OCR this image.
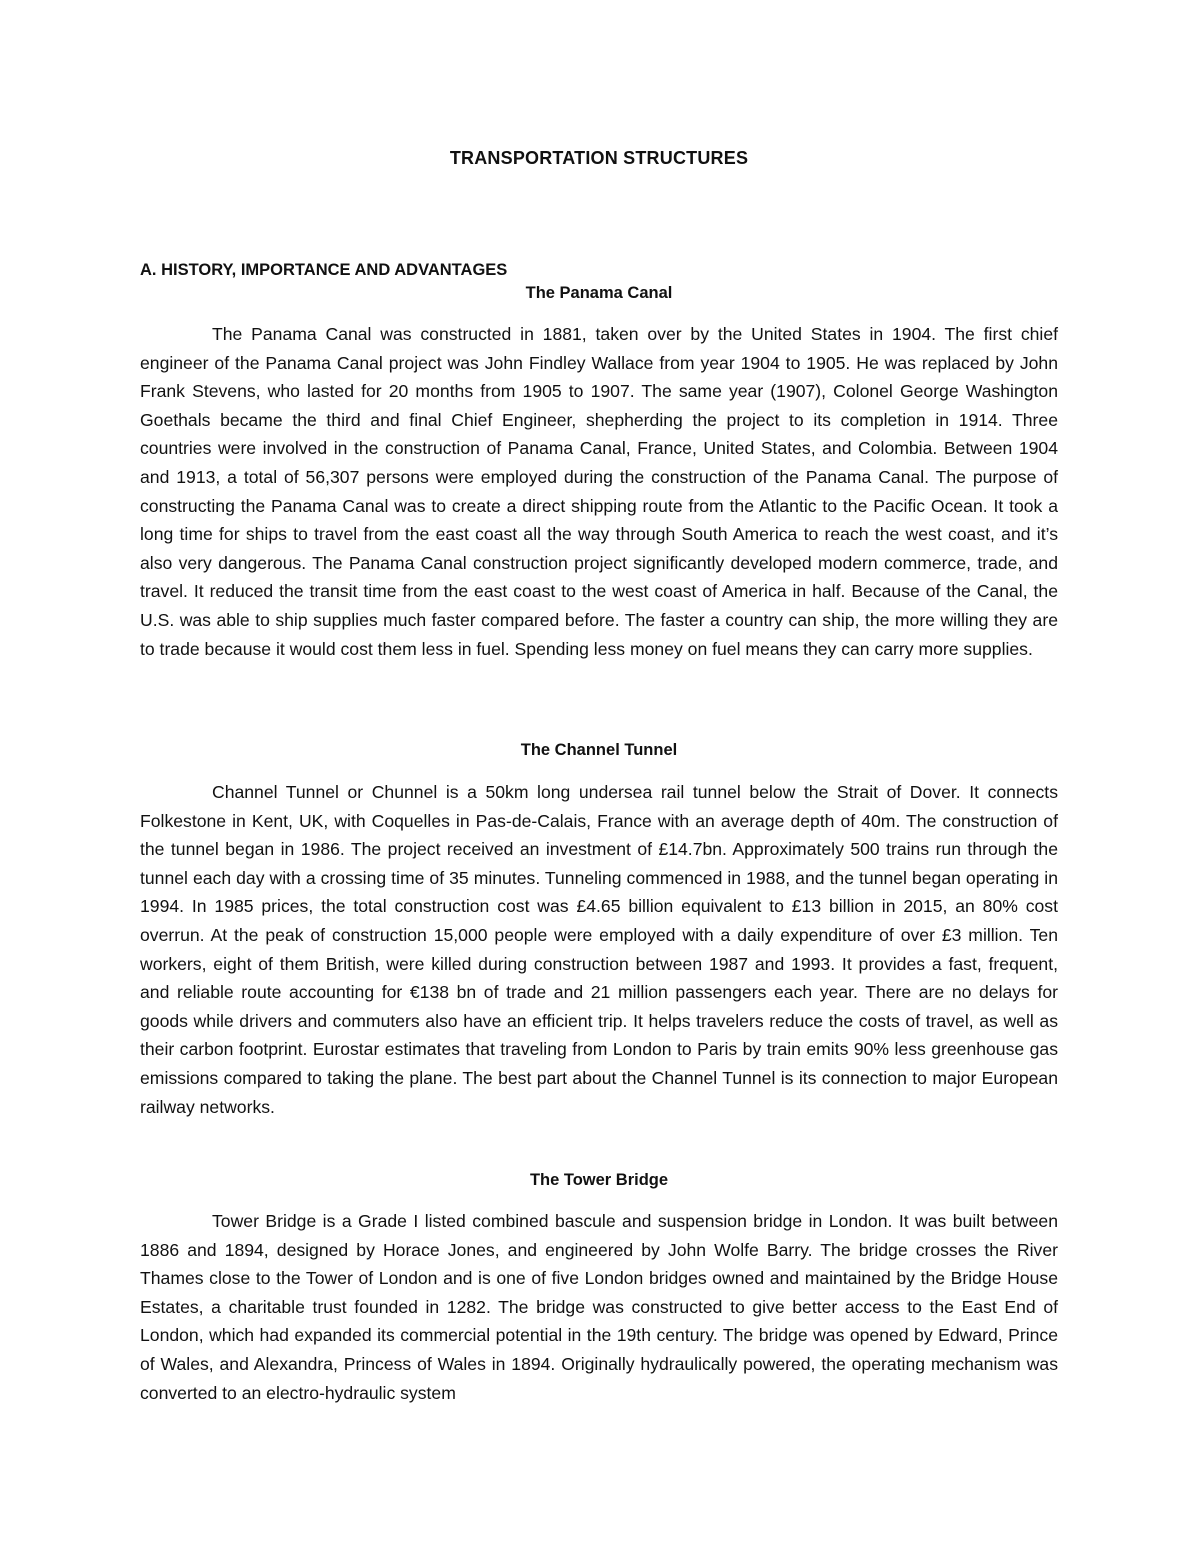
TRANSPORTATION STRUCTURES
A. HISTORY, IMPORTANCE AND ADVANTAGES
The Panama Canal

The Panama Canal was constructed in 1881, taken over by the United States in 1904. The first chief engineer of the Panama Canal project was John Findley Wallace from year 1904 to 1905. He was replaced by John Frank Stevens, who lasted for 20 months from 1905 to 1907. The same year (1907), Colonel George Washington Goethals became the third and final Chief Engineer, shepherding the project to its completion in 1914. Three countries were involved in the construction of Panama Canal, France, United States, and Colombia. Between 1904 and 1913, a total of 56,307 persons were employed during the construction of the Panama Canal. The purpose of constructing the Panama Canal was to create a direct shipping route from the Atlantic to the Pacific Ocean. It took a long time for ships to travel from the east coast all the way through South America to reach the west coast, and it’s also very dangerous. The Panama Canal construction project significantly developed modern commerce, trade, and travel. It reduced the transit time from the east coast to the west coast of America in half. Because of the Canal, the U.S. was able to ship supplies much faster compared before. The faster a country can ship, the more willing they are to trade because it would cost them less in fuel. Spending less money on fuel means they can carry more supplies.

The Channel Tunnel

Channel Tunnel or Chunnel is a 50km long undersea rail tunnel below the Strait of Dover. It connects Folkestone in Kent, UK, with Coquelles in Pas-de-Calais, France with an average depth of 40m. The construction of the tunnel began in 1986. The project received an investment of £14.7bn. Approximately 500 trains run through the tunnel each day with a crossing time of 35 minutes. Tunneling commenced in 1988, and the tunnel began operating in 1994. In 1985 prices, the total construction cost was £4.65 billion equivalent to £13 billion in 2015, an 80% cost overrun. At the peak of construction 15,000 people were employed with a daily expenditure of over £3 million. Ten workers, eight of them British, were killed during construction between 1987 and 1993. It provides a fast, frequent, and reliable route accounting for €138 bn of trade and 21 million passengers each year. There are no delays for goods while drivers and commuters also have an efficient trip. It helps travelers reduce the costs of travel, as well as their carbon footprint. Eurostar estimates that traveling from London to Paris by train emits 90% less greenhouse gas emissions compared to taking the plane. The best part about the Channel Tunnel is its connection to major European railway networks.

The Tower Bridge

Tower Bridge is a Grade I listed combined bascule and suspension bridge in London. It was built between 1886 and 1894, designed by Horace Jones, and engineered by John Wolfe Barry. The bridge crosses the River Thames close to the Tower of London and is one of five London bridges owned and maintained by the Bridge House Estates, a charitable trust founded in 1282. The bridge was constructed to give better access to the East End of London, which had expanded its commercial potential in the 19th century. The bridge was opened by Edward, Prince of Wales, and Alexandra, Princess of Wales in 1894. Originally hydraulically powered, the operating mechanism was converted to an electro-hydraulic system
